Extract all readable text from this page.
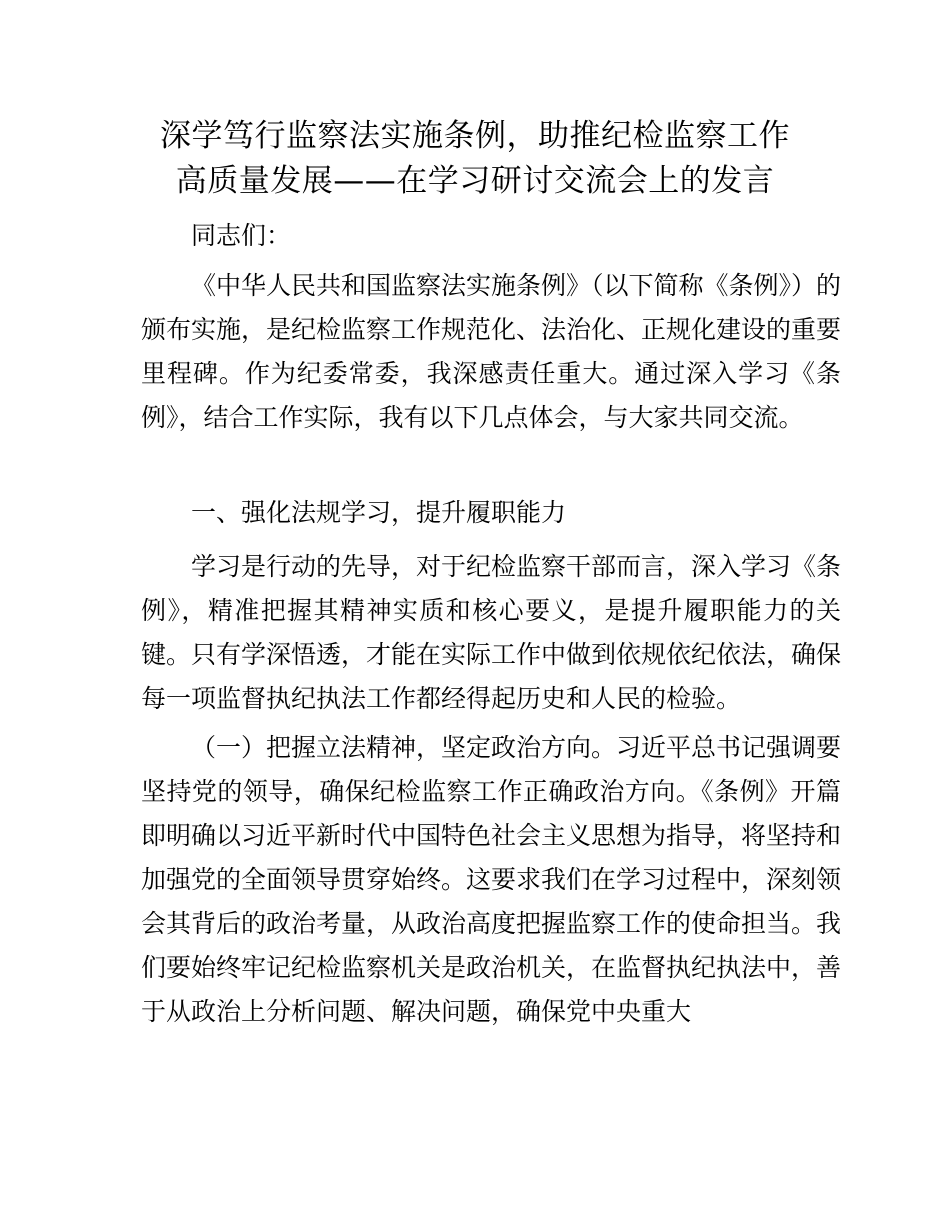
深学笃行监察法实施条例，助推纪检监察工作
高质量发展——在学习研讨交流会上的发言

同志们：

《中华人民共和国监察法实施条例》（以下简称《条例》）的颁布实施，是纪检监察工作规范化、法治化、正规化建设的重要里程碑。作为纪委常委，我深感责任重大。通过深入学习《条例》，结合工作实际，我有以下几点体会，与大家共同交流。

一、强化法规学习，提升履职能力

学习是行动的先导，对于纪检监察干部而言，深入学习《条例》，精准把握其精神实质和核心要义，是提升履职能力的关键。只有学深悟透，才能在实际工作中做到依规依纪依法，确保每一项监督执纪执法工作都经得起历史和人民的检验。

（一）把握立法精神，坚定政治方向。习近平总书记强调要坚持党的领导，确保纪检监察工作正确政治方向。《条例》开篇即明确以习近平新时代中国特色社会主义思想为指导，将坚持和加强党的全面领导贯穿始终。这要求我们在学习过程中，深刻领会其背后的政治考量，从政治高度把握监察工作的使命担当。我们要始终牢记纪检监察机关是政治机关，在监督执纪执法中，善于从政治上分析问题、解决问题，确保党中央重大
